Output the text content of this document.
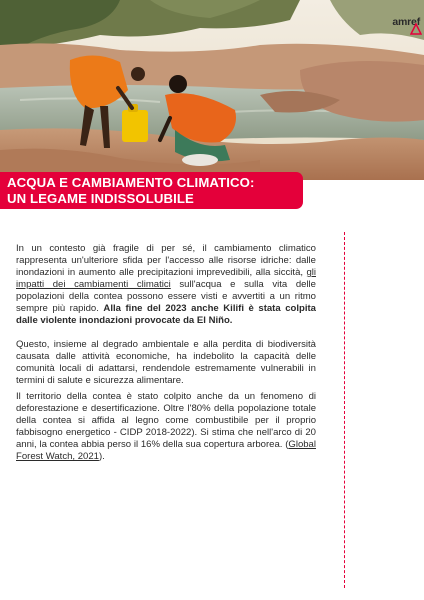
amref
ACQUA E CAMBIAMENTO CLIMATICO:
UN LEGAME INDISSOLUBILE

In un contesto già fragile di per sé, il cambiamento climatico rappresenta un'ulteriore sfida per l'accesso alle risorse idriche: dalle inondazioni in aumento alle precipitazioni imprevedibili, alla siccità, gli impatti dei cambiamenti climatici sull'acqua e sulla vita delle popolazioni della contea possono essere visti e avvertiti a un ritmo sempre più rapido. Alla fine del 2023 anche Kilifi è stata colpita dalle violente inondazioni provocate da El Niño.

Questo, insieme al degrado ambientale e alla perdita di biodiversità causata dalle attività economiche, ha indebolito la capacità delle comunità locali di adattarsi, rendendole estremamente vulnerabili in termini di salute e sicurezza alimentare.

Il territorio della contea è stato colpito anche da un fenomeno di deforestazione e desertificazione. Oltre l'80% della popolazione totale della contea si affida al legno come combustibile per il proprio fabbisogno energetico - CIDP 2018-2022). Si stima che nell'arco di 20 anni, la contea abbia perso il 16% della sua copertura arborea. (Global Forest Watch, 2021).
